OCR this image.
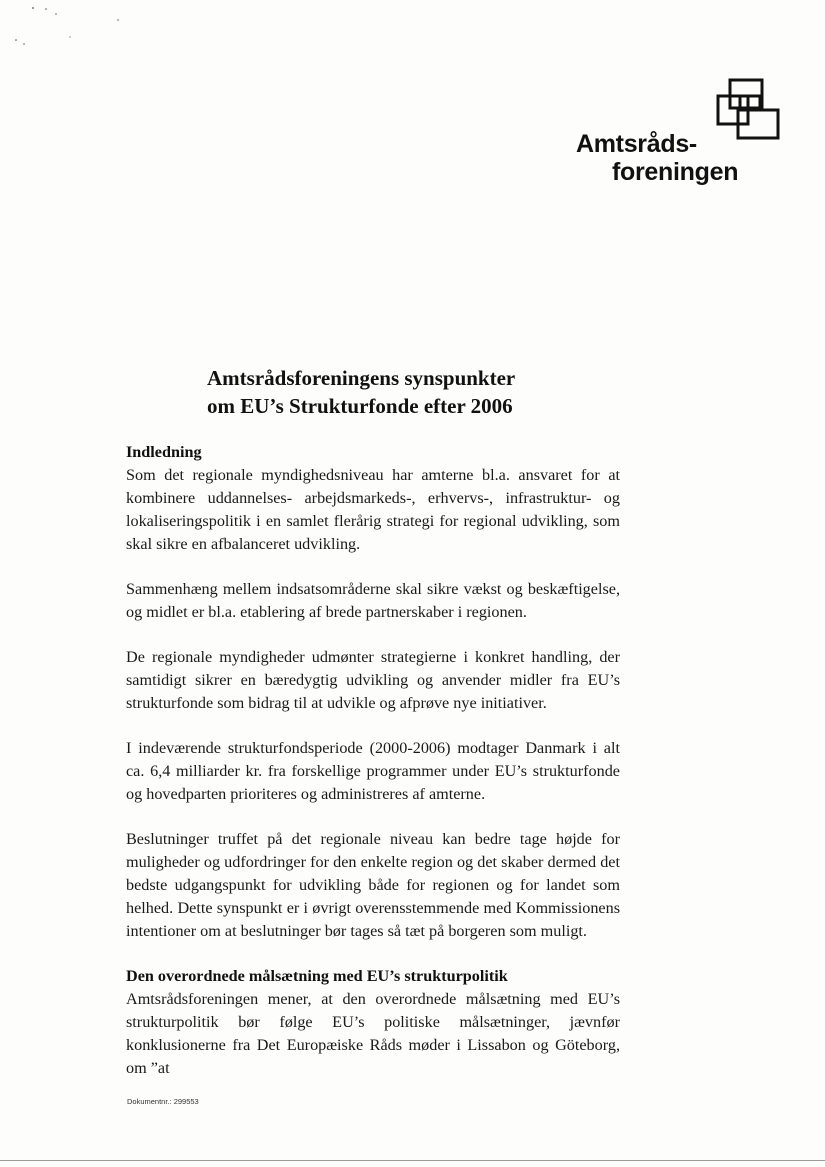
Amtsråds-
foreningen
Amtsrådsforeningens synspunkter
om EU’s Strukturfonde efter 2006
Indledning

Som det regionale myndighedsniveau har amterne bl.a. ansvaret for at kombinere uddannelses- arbejdsmarkeds-, erhvervs-, infrastruktur- og lokaliseringspolitik i en samlet flerårig strategi for regional udvikling, som skal sikre en afbalanceret udvikling.

Sammenhæng mellem indsatsområderne skal sikre vækst og beskæftigelse, og midlet er bl.a. etablering af brede partnerskaber i regionen.

De regionale myndigheder udmønter strategierne i konkret handling, der samtidigt sikrer en bæredygtig udvikling og anvender midler fra EU’s strukturfonde som bidrag til at udvikle og afprøve nye initiativer.

I indeværende strukturfondsperiode (2000-2006) modtager Danmark i alt ca. 6,4 milliarder kr. fra forskellige programmer under EU’s strukturfonde og hovedparten prioriteres og administreres af amterne.

Beslutninger truffet på det regionale niveau kan bedre tage højde for muligheder og udfordringer for den enkelte region og det skaber dermed det bedste udgangspunkt for udvikling både for regionen og for landet som helhed. Dette synspunkt er i øvrigt overensstemmende med Kommissionens intentioner om at beslutninger bør tages så tæt på borgeren som muligt.

Den overordnede målsætning med EU’s strukturpolitik

Amtsrådsforeningen mener, at den overordnede målsætning med EU’s strukturpolitik bør følge EU’s politiske målsætninger, jævnfør konklusionerne fra Det Europæiske Råds møder i Lissabon og Göteborg, om ”at

Dokumentnr.: 299553
